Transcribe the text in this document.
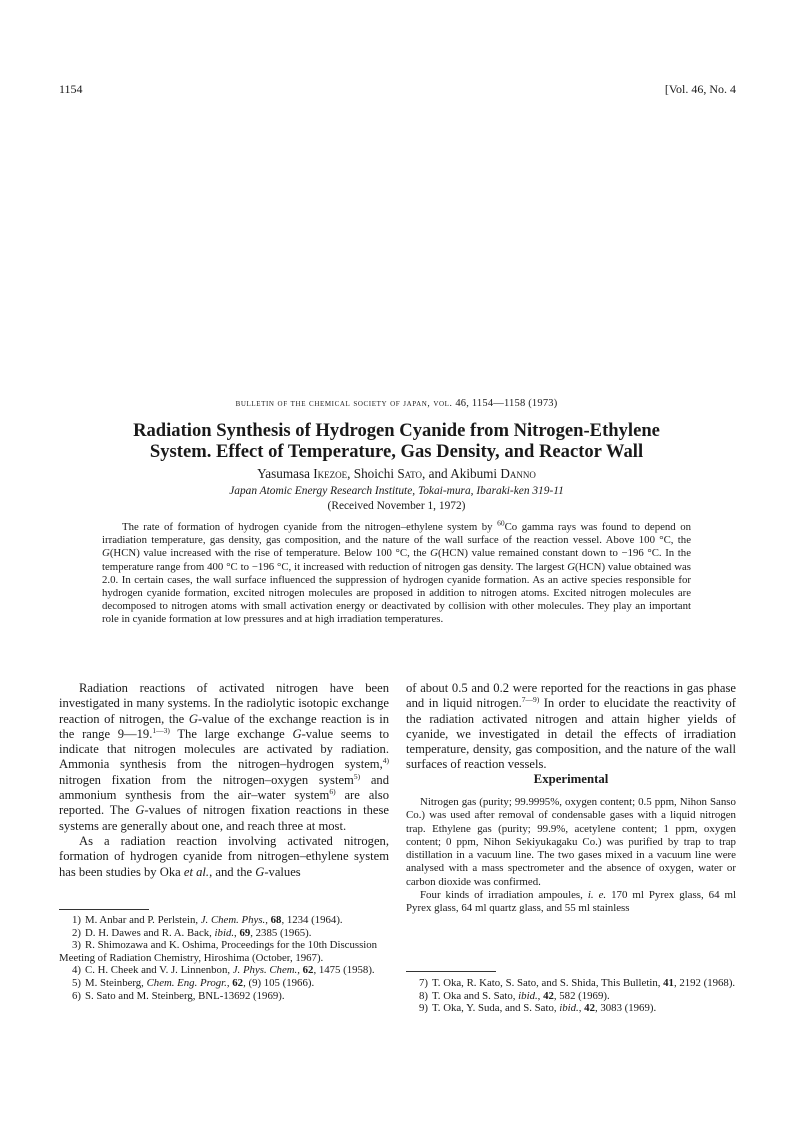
1154	[Vol. 46, No. 4
bulletin of the chemical society of japan, vol. 46, 1154—1158 (1973)
Radiation Synthesis of Hydrogen Cyanide from Nitrogen-Ethylene
System. Effect of Temperature, Gas Density, and Reactor Wall
Yasumasa Ikezoe, Shoichi Sato, and Akibumi Danno
Japan Atomic Energy Research Institute, Tokai-mura, Ibaraki-ken 319-11
(Received November 1, 1972)
The rate of formation of hydrogen cyanide from the nitrogen–ethylene system by $^{60}$Co gamma rays was found to depend on irradiation temperature, gas density, gas composition, and the nature of the wall surface of the reaction vessel. Above 100 °C, the G(HCN) value increased with the rise of temperature. Below 100 °C, the G(HCN) value remained constant down to −196 °C. In the temperature range from 400 °C to −196 °C, it increased with reduction of nitrogen gas density. The largest G(HCN) value obtained was 2.0. In certain cases, the wall surface influenced the suppression of hydrogen cyanide formation. As an active species responsible for hydrogen cyanide formation, excited nitrogen molecules are proposed in addition to nitrogen atoms. Excited nitrogen molecules are decomposed to nitrogen atoms with small activation energy or deactivated by collision with other molecules. They play an important role in cyanide formation at low pressures and at high irradiation temperatures.

Radiation reactions of activated nitrogen have been investigated in many systems. In the radiolytic isotopic exchange reaction of nitrogen, the G-value of the exchange reaction is in the range 9—19.$^{1—3)}$ The large exchange G-value seems to indicate that nitrogen molecules are activated by radiation. Ammonia synthesis from the nitrogen–hydrogen system,$^{4)}$ nitrogen fixation from the nitrogen–oxygen system$^{5)}$ and ammonium synthesis from the air–water system$^{6)}$ are also reported. The G-values of nitrogen fixation reactions in these systems are generally about one, and reach three at most.

As a radiation reaction involving activated nitrogen, formation of hydrogen cyanide from nitrogen–ethylene system has been studies by Oka et al., and the G-values

of about 0.5 and 0.2 were reported for the reactions in gas phase and in liquid nitrogen.$^{7—9)}$ In order to elucidate the reactivity of the radiation activated nitrogen and attain higher yields of cyanide, we investigated in detail the effects of irradiation temperature, density, gas composition, and the nature of the wall surfaces of reaction vessels.

Experimental

Nitrogen gas (purity; 99.9995%, oxygen content; 0.5 ppm, Nihon Sanso Co.) was used after removal of condensable gases with a liquid nitrogen trap. Ethylene gas (purity; 99.9%, acetylene content; 1 ppm, oxygen content; 0 ppm, Nihon Sekiyukagaku Co.) was purified by trap to trap distillation in a vacuum line. The two gases mixed in a vacuum line were analysed with a mass spectrometer and the absence of oxygen, water or carbon dioxide was confirmed.

Four kinds of irradiation ampoules, i. e. 170 ml Pyrex glass, 64 ml Pyrex glass, 64 ml quartz glass, and 55 ml stainless

1) M. Anbar and P. Perlstein, J. Chem. Phys., 68, 1234 (1964).

2) D. H. Dawes and R. A. Back, ibid., 69, 2385 (1965).

3) R. Shimozawa and K. Oshima, Proceedings for the 10th Discussion Meeting of Radiation Chemistry, Hiroshima (October, 1967).

4) C. H. Cheek and V. J. Linnenbon, J. Phys. Chem., 62, 1475 (1958).

5) M. Steinberg, Chem. Eng. Progr., 62, (9) 105 (1966).

6) S. Sato and M. Steinberg, BNL-13692 (1969).

7) T. Oka, R. Kato, S. Sato, and S. Shida, This Bulletin, 41, 2192 (1968).

8) T. Oka and S. Sato, ibid., 42, 582 (1969).

9) T. Oka, Y. Suda, and S. Sato, ibid., 42, 3083 (1969).
